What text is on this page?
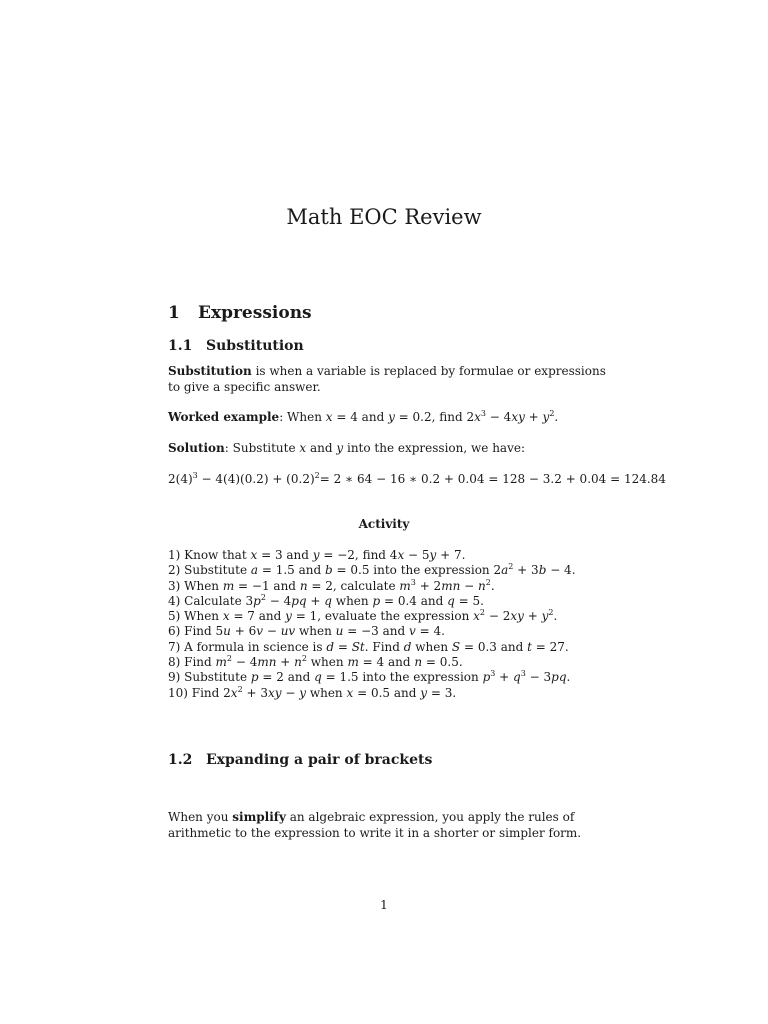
Math EOC Review
1 Expressions
1.1 Substitution

Substitution is when a variable is replaced by formulae or expressions to give a specific answer.

Worked example: When x = 4 and y = 0.2, find $2x^3 - 4xy + y^2$.

Solution: Substitute x and y into the expression, we have:

$2(4)^3 - 4(4)(0.2) + (0.2)^2= 2$ ∗ 64 − 16 ∗ 0.2 + 0.04 = 128 − 3.2 + 0.04 = 124.84

Activity
1) Know that x = 3 and y = −2, find 4x − 5y + 7.
2) Substitute a = 1.5 and b = 0.5 into the expression $2a^2 + 3b - 4$.
3) When m = −1 and n = 2, calculate $m^3 + 2mn - n^2$.
4) Calculate $3p^2 - 4pq + q$ when p = 0.4 and q = 5.
5) When x = 7 and y = 1, evaluate the expression $x^2 - 2xy + y^2$.
6) Find 5u + 6v − uv when u = −3 and v = 4.
7) A formula in science is d = St. Find d when S = 0.3 and t = 27.
8) Find $m^2 - 4mn + n^2$ when m = 4 and n = 0.5.
9) Substitute p = 2 and q = 1.5 into the expression $p^3 + q^3 - 3pq$.
10) Find $2x^2 + 3xy - y$ when x = 0.5 and y = 3.
1.2 Expanding a pair of brackets

When you simplify an algebraic expression, you apply the rules of arithmetic to the expression to write it in a shorter or simpler form.

1
